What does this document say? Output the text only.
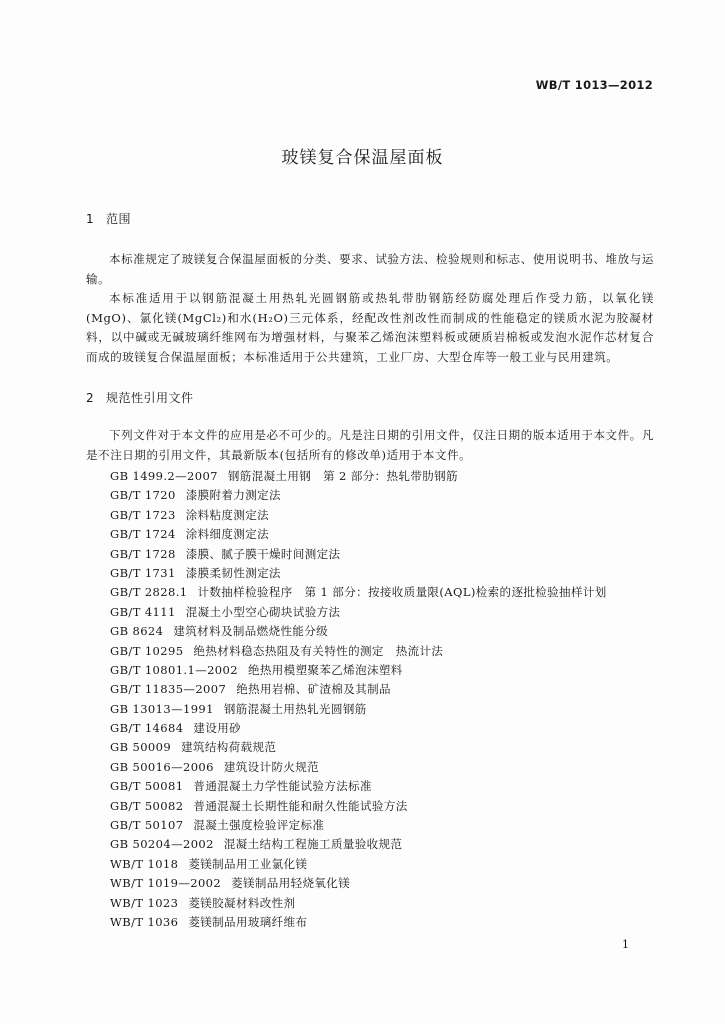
WB/T 1013—2012
玻镁复合保温屋面板
1 范围

本标准规定了玻镁复合保温屋面板的分类、要求、试验方法、检验规则和标志、使用说明书、堆放与运输。

本标准适用于以钢筋混凝土用热轧光圆钢筋或热轧带肋钢筋经防腐处理后作受力筋，以氧化镁(MgO)、氯化镁(MgCl₂)和水(H₂O)三元体系，经配改性剂改性而制成的性能稳定的镁质水泥为胶凝材料，以中碱或无碱玻璃纤维网布为增强材料，与聚苯乙烯泡沫塑料板或硬质岩棉板或发泡水泥作芯材复合而成的玻镁复合保温屋面板；本标准适用于公共建筑，工业厂房、大型仓库等一般工业与民用建筑。

2 规范性引用文件

下列文件对于本文件的应用是必不可少的。凡是注日期的引用文件，仅注日期的版本适用于本文件。凡是不注日期的引用文件，其最新版本(包括所有的修改单)适用于本文件。

GB 1499.2—2007 钢筋混凝土用钢　第 2 部分：热轧带肋钢筋
GB/T 1720 漆膜附着力测定法
GB/T 1723 涂料粘度测定法
GB/T 1724 涂料细度测定法
GB/T 1728 漆膜、腻子膜干燥时间测定法
GB/T 1731 漆膜柔韧性测定法
GB/T 2828.1 计数抽样检验程序　第 1 部分：按接收质量限(AQL)检索的逐批检验抽样计划
GB/T 4111 混凝土小型空心砌块试验方法
GB 8624 建筑材料及制品燃烧性能分级
GB/T 10295 绝热材料稳态热阻及有关特性的测定　热流计法
GB/T 10801.1—2002 绝热用模塑聚苯乙烯泡沫塑料
GB/T 11835—2007 绝热用岩棉、矿渣棉及其制品
GB 13013—1991 钢筋混凝土用热轧光圆钢筋
GB/T 14684 建设用砂
GB 50009 建筑结构荷载规范
GB 50016—2006 建筑设计防火规范
GB/T 50081 普通混凝土力学性能试验方法标准
GB/T 50082 普通混凝土长期性能和耐久性能试验方法
GB/T 50107 混凝土强度检验评定标准
GB 50204—2002 混凝土结构工程施工质量验收规范
WB/T 1018 菱镁制品用工业氯化镁
WB/T 1019—2002 菱镁制品用轻烧氧化镁
WB/T 1023 菱镁胶凝材料改性剂
WB/T 1036 菱镁制品用玻璃纤维布
1
